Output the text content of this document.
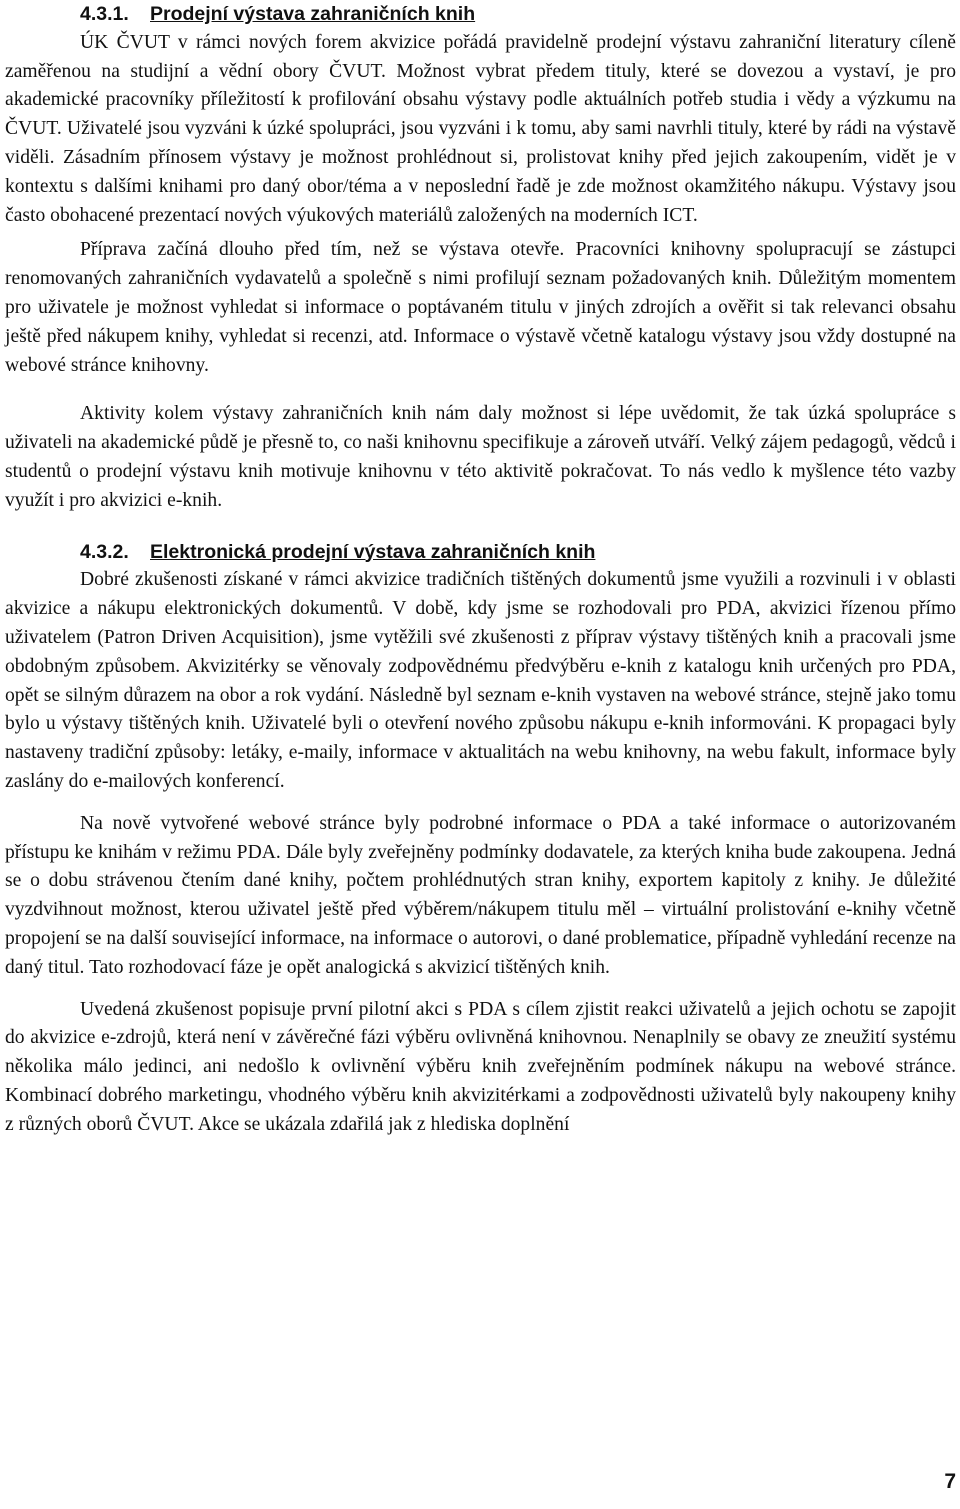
4.3.1. Prodejní výstava zahraničních knih

ÚK ČVUT v rámci nových forem akvizice pořádá pravidelně prodejní výstavu zahraniční literatury cíleně zaměřenou na studijní a vědní obory ČVUT. Možnost vybrat předem tituly, které se dovezou a vystaví, je pro akademické pracovníky příležitostí k profilování obsahu výstavy podle aktuálních potřeb studia i vědy a výzkumu na ČVUT. Uživatelé jsou vyzváni k úzké spolupráci, jsou vyzváni i k tomu, aby sami navrhli tituly, které by rádi na výstavě viděli. Zásadním přínosem výstavy je možnost prohlédnout si, prolistovat knihy před jejich zakoupením, vidět je v kontextu s dalšími knihami pro daný obor/téma a v neposlední řadě je zde možnost okamžitého nákupu. Výstavy jsou často obohacené prezentací nových výukových materiálů založených na moderních ICT.

Příprava začíná dlouho před tím, než se výstava otevře. Pracovníci knihovny spolupracují se zástupci renomovaných zahraničních vydavatelů a společně s nimi profilují seznam požadovaných knih. Důležitým momentem pro uživatele je možnost vyhledat si informace o poptávaném titulu v jiných zdrojích a ověřit si tak relevanci obsahu ještě před nákupem knihy, vyhledat si recenzi, atd. Informace o výstavě včetně katalogu výstavy jsou vždy dostupné na webové stránce knihovny.

Aktivity kolem výstavy zahraničních knih nám daly možnost si lépe uvědomit, že tak úzká spolupráce s uživateli na akademické půdě je přesně to, co naši knihovnu specifikuje a zároveň utváří. Velký zájem pedagogů, vědců i studentů o prodejní výstavu knih motivuje knihovnu v této aktivitě pokračovat. To nás vedlo k myšlence této vazby využít i pro akvizici e-knih.

4.3.2. Elektronická prodejní výstava zahraničních knih

Dobré zkušenosti získané v rámci akvizice tradičních tištěných dokumentů jsme využili a rozvinuli i v oblasti akvizice a nákupu elektronických dokumentů. V době, kdy jsme se rozhodovali pro PDA, akvizici řízenou přímo uživatelem (Patron Driven Acquisition), jsme vytěžili své zkušenosti z příprav výstavy tištěných knih a pracovali jsme obdobným způsobem. Akvizitérky se věnovaly zodpovědnému předvýběru e-knih z katalogu knih určených pro PDA, opět se silným důrazem na obor a rok vydání. Následně byl seznam e-knih vystaven na webové stránce, stejně jako tomu bylo u výstavy tištěných knih. Uživatelé byli o otevření nového způsobu nákupu e-knih informováni. K propagaci byly nastaveny tradiční způsoby: letáky, e-maily, informace v aktualitách na webu knihovny, na webu fakult, informace byly zaslány do e-mailových konferencí.

Na nově vytvořené webové stránce byly podrobné informace o PDA a také informace o autorizovaném přístupu ke knihám v režimu PDA. Dále byly zveřejněny podmínky dodavatele, za kterých kniha bude zakoupena. Jedná se o dobu strávenou čtením dané knihy, počtem prohlédnutých stran knihy, exportem kapitoly z knihy. Je důležité vyzdvihnout možnost, kterou uživatel ještě před výběrem/nákupem titulu měl – virtuální prolistování e-knihy včetně propojení se na další související informace, na informace o autorovi, o dané problematice, případně vyhledání recenze na daný titul. Tato rozhodovací fáze je opět analogická s akvizicí tištěných knih.

Uvedená zkušenost popisuje první pilotní akci s PDA s cílem zjistit reakci uživatelů a jejich ochotu se zapojit do akvizice e-zdrojů, která není v závěrečné fázi výběru ovlivněná knihovnou. Nenaplnily se obavy ze zneužití systému několika málo jedinci, ani nedošlo k ovlivnění výběru knih zveřejněním podmínek nákupu na webové stránce. Kombinací dobrého marketingu, vhodného výběru knih akvizitérkami a zodpovědnosti uživatelů byly nakoupeny knihy z různých oborů ČVUT. Akce se ukázala zdařilá jak z hlediska doplnění

7
